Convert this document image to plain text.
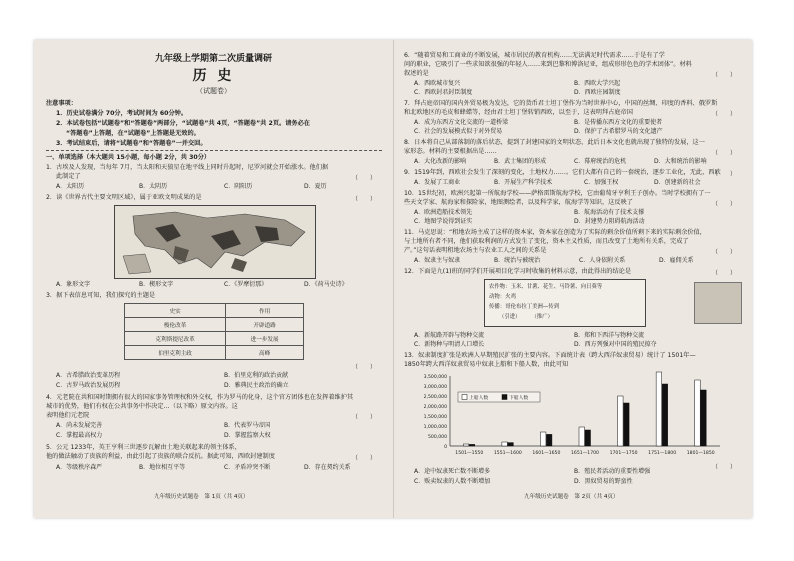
九年级上学期第二次质量调研
历 史
（试题卷）
注意事项：
1．历史试卷满分 70分，考试时间为 60分钟。
2．本试卷包括“试题卷”和“答题卷”两部分，“试题卷”共 4页，“答题卷”共 2页。请务必在
“答题卷”上答题，在“试题卷”上答题是无效的。
3．考试结束后，请将“试题卷”和“答题卷”一并交回。
一、单项选择（本大题共 15小题，每小题 2分，共 30分）
1．古埃及人发现，当每年 7月，当太阳和天狼星在地平线上同时升起时，尼罗河就会开始涨水。他们据
此制定了	（　　）
A．太阳历	B．太阴历	C．阴阳历	D．夏历
2．读《世界古代主要文明区域》，属于亚欧文明成果的是	（　　）
A．象形文字	B．楔形文字	C．《罗摩衍那》	D．《荷马史诗》
3．据下表信息可知，我们探究的主题是
史实	作用
梭伦改革	开辟道路
克利斯提尼改革	进一步发展
伯里克利主政	高峰
（　　）
A．古希腊政治变革历程	B．伯里克利的政治贡献
C．古罗马政治发展历程	D．雅典民主政治的确立
4．元老院在共和国时期拥有很大的国家事务管理权和外交权，作为罗马的化身，这个官方团体也在发挥着维护其
城市的优势，他们有权在公共事务中作决定…（以下略）原文内容。这
表明他们元老院	（　　）
A．尚未发展完善	B．代表罗马帝国
C．掌握最高权力	D．掌握监察大权
5．公元 1233年，英王亨利三世逐步瓦解由土地关联起来的领主体系，
他的做法触动了贵族的利益，由此引起了贵族的联合反抗。据此可知，西欧封建制度	（　　）
A．等级秩序森严	B．地位相互平等	C．矛盾冲突不断	D．存在契约关系
九年级历史试题卷　第 1页（共 4页）
6．“随着贸易和工商业的不断发展，城市居民的教育机构……无法满足时代需求……于是有了学
问的职业，它吸引了一些求知欲很强的年轻人……来到巴黎和博洛尼亚，组成形形色色的学术团体”。材料
叙述的是	（　　）
A．西欧城市复兴	B．西欧大学兴起
C．西欧封君封臣制度	D．西欧庄园制度
7．拜占庭帝国的国内外贸易极为发达，它的货币君士坦丁堡作为当时世界中心，中国的丝绸、印度的香料、俄罗斯
和北欧地区的毛皮和蜂蜡等，经由君士坦丁堡转销西欧，以至于，这表明拜占庭帝国	（　　）
A．成为东西方文化交流的一道桥梁	B．是传播东西方文化的重要使者
C．社会的发展模式似于对外贸易	D．保护了古希腊罗马的文化遗产
8．日本将自己从部落制的落后状态，提到了封建国家的文明状态，此后日本文化也就出现了独特的发展，这一
家形态。材料的主要根据出是……	（　　）
A．大化改新的影响	B．武士集团的形成	C．幕府统治的危机	D．大和统治的影响
9．1519年到，西欧社会发生了深刻的变化，土地权力……。它们大都有自己的一套统治，逐步工业化，无此，西欧
（　　）
A．发展了工商业	B．开展生产科学技术	C．加强王权	D．创建新的社会
10．15世纪初，欧洲兴起第一所航海学校——萨格雷斯航海学校，它由葡萄牙亨利王子创办。当时学校拥有了一
些天文学家、航海家和探险家，地图测绘者，以及科学家，航海学等知识，这反映了	（　　）
A．欧洲造船技术领先	B．航海活动有了技术支撑
C．地图学说得到证实	D．封建势力阻碍航海活动
11．马克思说：“租地农场主成了这样的资本家，资本家在创造为了实际的剩余价值所剩下来的实际剩余价值，
与土地所有者不同，他们获取利润的方式发生了变化，资本主义性质，而且改变了土地所有关系，完成了
产。”这句话表明租地农场主与农业工人之间的关系是	（　　）
A．奴隶主与奴隶	B．统治与被统治	C．人身依附关系	D．雇佣关系
12．下面是九(1)班的同学们开展项目化学习时收集的材料示意，由此得出的结论是	（　　）
农作物：玉米、甘薯、花生、马铃薯、向日葵等
动物：火鸡
传播：哥伦布拉丁美洲—传到
（引进）　　　（推广）
A．新航路开辟与物种交流	B．郑和下西洋与物种交流
C．新物种与明清人口增长	D．西方列强对中国的殖民掠夺
13．奴隶制度扩张是欧洲人早期殖民扩张的主要内容。下面统计表（跨大西洋奴隶贸易）统计了 1501年—
1850年跨大西洋奴隶贸易中奴隶上船和下船人数，由此可知
3,500,000
3,000,000
2,500,000
2,000,000
1,500,000
1,000,000
500,000
0
1501—1550 1551—1600 1601—1650 1651—1700 1701—1750 1751—1800 1801—1850
上船人数	下船人数
（　　）
A．途中奴隶死亡数不断增多	B．殖民者活动的重要性增强
C．贩卖奴隶的人数不断增加	D．黑奴贸易的野蛮性
九年级历史试题卷　第 2页（共 4页）
